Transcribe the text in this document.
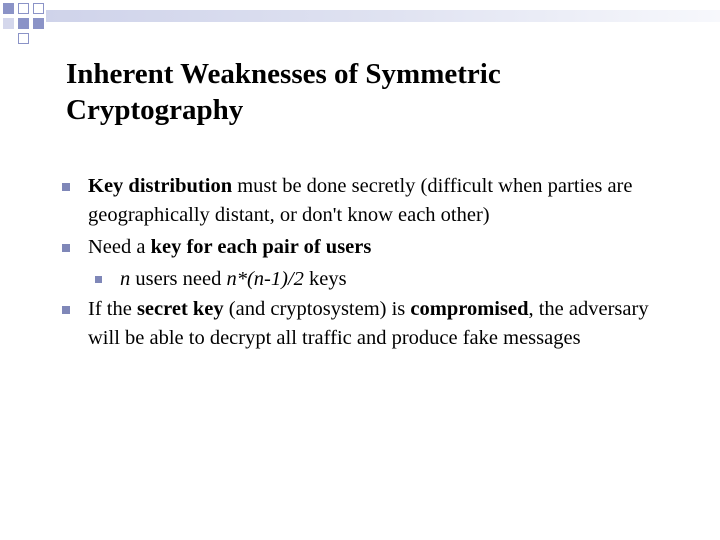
Inherent Weaknesses of Symmetric
Cryptography
Key distribution must be done secretly (difficult when parties are geographically distant, or don't know each other)
Need a key for each pair of users
n users need n*(n-1)/2 keys
If the secret key (and cryptosystem) is compromised, the adversary will be able to decrypt all traffic and produce fake messages
